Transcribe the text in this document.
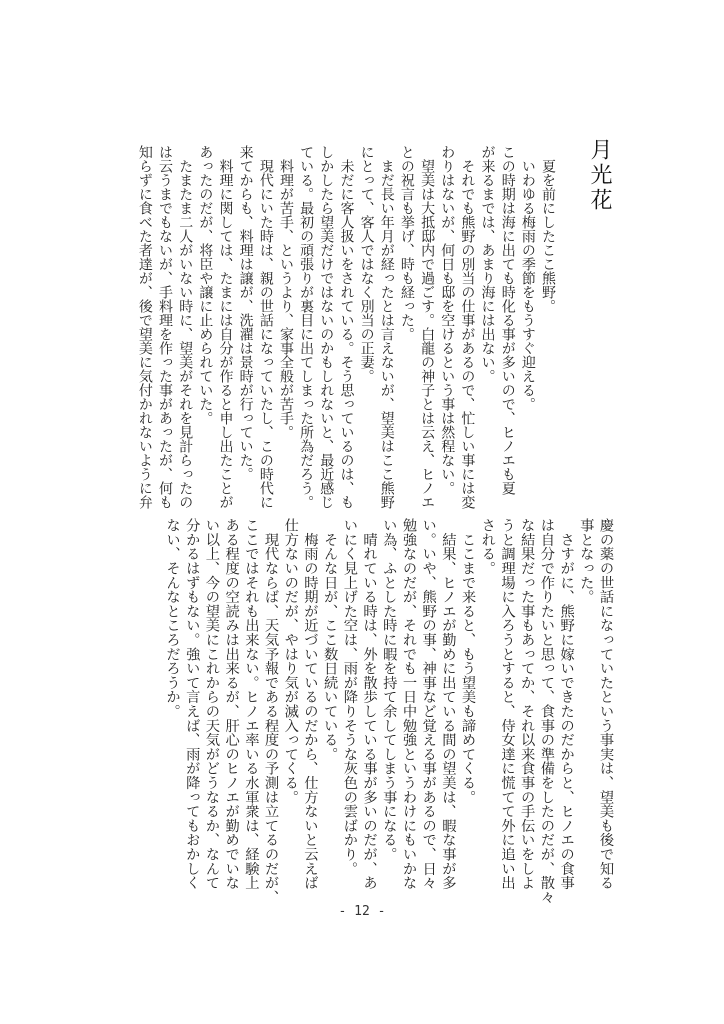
月光花
　夏を前にしたここ熊野。
　いわゆる梅雨の季節をもうすぐ迎える。
この時期は海に出ても時化る事が多いので、ヒノエも夏
が来るまでは、あまり海には出ない。
　それでも熊野の別当の仕事があるので、忙しい事には変
わりはないが、何日も邸を空けるという事は然程ない。
　望美は大抵邸内で過ごす。白龍の神子とは云え、ヒノエ
との祝言も挙げ、時も経った。
　まだ長い年月が経ったとは言えないが、望美はここ熊野
にとって、客人ではなく別当の正妻。
　未だに客人扱いをされている。そう思っているのは、も
しかしたら望美だけではないのかもしれないと、最近感じ
ている。最初の頑張りが裏目に出てしまった所為だろう。
　料理が苦手、というより、家事全般が苦手。
　現代にいた時は、親の世話になっていたし、この時代に
来てからも、料理は譲が、洗濯は景時が行っていた。
　料理に関しては、たまには自分が作ると申し出たことが
あったのだが、将臣や譲に止められていた。
　たまたま二人がいない時に、望美がそれを見計らったの
は云うまでもないが、手料理を作った事があったが、何も
知らずに食べた者達が、後で望美に気付かれないように弁
慶の薬の世話になっていたという事実は、望美も後で知る
事となった。
　さすがに、熊野に嫁いできたのだからと、ヒノエの食事
は自分で作りたいと思って、食事の準備をしたのだが、散々
な結果だった事もあってか、それ以来食事の手伝いをしよ
うと調理場に入ろうとすると、侍女達に慌てて外に追い出
される。
　ここまで来ると、もう望美も諦めてくる。
　結果、ヒノエが勤めに出ている間の望美は、暇な事が多
い。いや、熊野の事、神事など覚える事があるので、日々
勉強なのだが、それでも一日中勉強というわけにもいかな
い為、ふとした時に暇を持て余してしまう事になる。
　晴れている時は、外を散歩している事が多いのだが、あ
いにく見上げた空は、雨が降りそうな灰色の雲ばかり。
　そんな日が、ここ数日続いている。
　梅雨の時期が近づいているのだから、仕方ないと云えば
仕方ないのだが、やはり気が滅入ってくる。
　現代ならば、天気予報である程度の予測は立てるのだが、
ここではそれも出来ない。ヒノエ率いる水軍衆は、経験上
ある程度の空読みは出来るが、肝心のヒノエが勤めでいな
い以上、今の望美にこれからの天気がどうなるか、なんて
分かるはずもない。強いて言えば、雨が降ってもおかしく
ない、そんなところだろうか。
- 12 -
